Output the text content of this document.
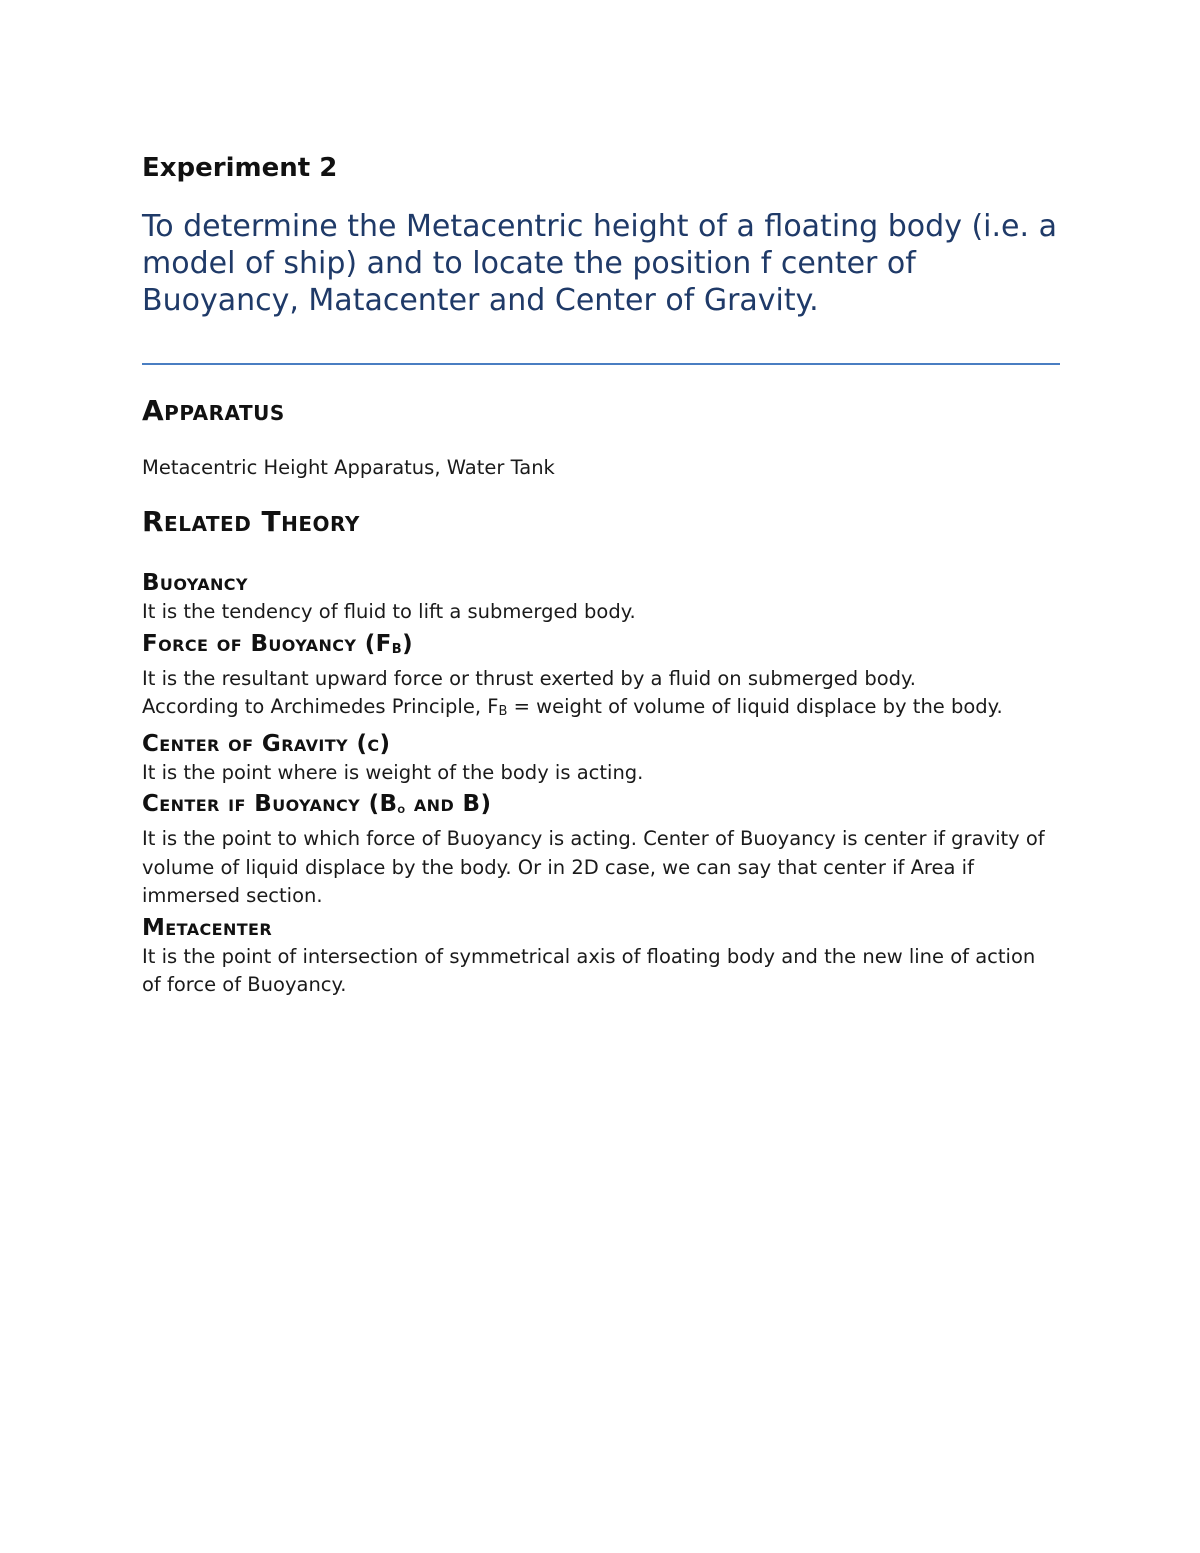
Experiment 2
To determine the Metacentric height of a floating body (i.e. a model of ship) and to locate the position f center of Buoyancy, Matacenter and Center of Gravity.
Apparatus

Metacentric Height Apparatus, Water Tank

Related Theory
Buoyancy

It is the tendency of fluid to lift a submerged body.

Force of Buoyancy $(F_B)$

It is the resultant upward force or thrust exerted by a fluid on submerged body.
According to Archimedes Principle, $F_B$ = weight of volume of liquid displace by the body.

Center of Gravity (c)

It is the point where is weight of the body is acting.

Center if Buoyancy ($B_o$ and B)

It is the point to which force of Buoyancy is acting. Center of Buoyancy is center if gravity of volume of liquid displace by the body. Or in 2D case, we can say that center if Area if immersed section.

Metacenter

It is the point of intersection of symmetrical axis of floating body and the new line of action of force of Buoyancy.
